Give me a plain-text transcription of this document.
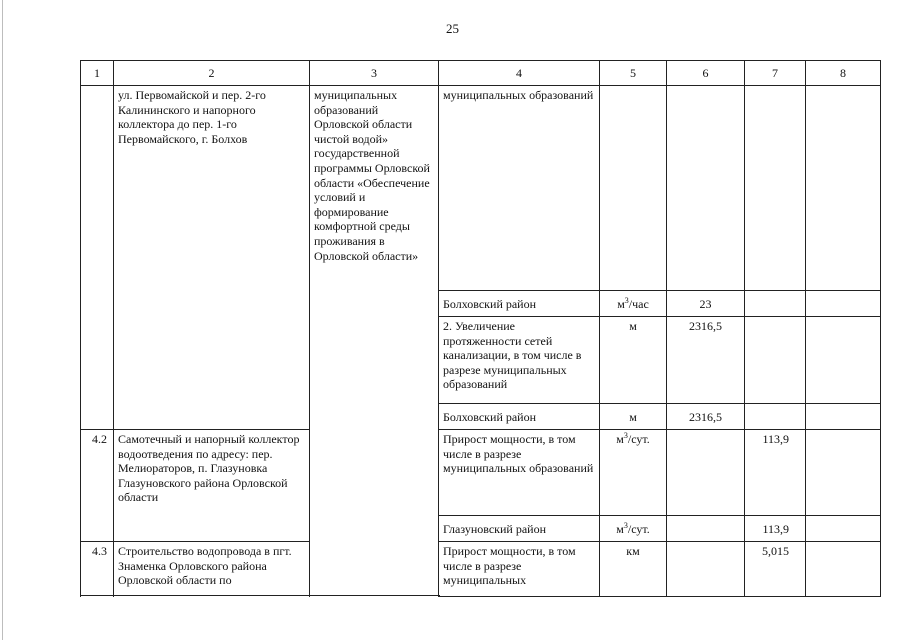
25
1	2	3	4	5	6	7	8
	ул. Первомайской и пер. 2-го Калининского и напорного коллектора до пер. 1-го Первомайского, г. Болхов	муниципальных образований Орловской области чистой водой» государственной программы Орловской области «Обеспечение условий и формирование комфортной среды проживания в Орловской области»	муниципальных образований				
			Болховский район	$м^3$/час	23		
			2. Увеличение протяженности сетей канализации, в том числе в разрезе муниципальных образований	м	2316,5		
			Болховский район	м	2316,5		
4.2	Самотечный и напорный коллектор водоотведения по адресу: пер. Мелиораторов, п. Глазуновка Глазуновского района Орловской области		Прирост мощности, в том числе в разрезе муниципальных образований	$м^3$/сут.		113,9	
			Глазуновский район	$м^3$/сут.		113,9	
4.3	Строительство водопровода в пгт. Знаменка Орловского района Орловской области по		Прирост мощности, в том числе в разрезе муниципальных	км		5,015	
